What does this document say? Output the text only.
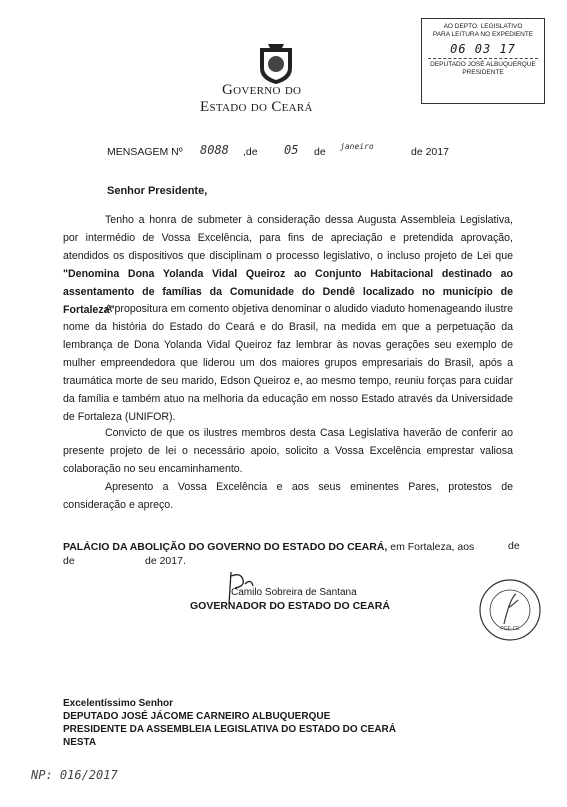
Governo do
Estado do Ceará
AO DEPTO. LEGISLATIVO
PARA LEITURA NO EXPEDIENTE
06 03 17
DEPUTADO JOSÉ ALBUQUERQUE
PRESIDENTE
MENSAGEM Nº 8088 ,de 05 de janeiro	de 2017
Senhor Presidente,
Tenho a honra de submeter à consideração dessa Augusta Assembleia Legislativa, por intermédio de Vossa Excelência, para fins de apreciação e pretendida aprovação, atendidos os dispositivos que disciplinam o processo legislativo, o incluso projeto de Lei que "Denomina Dona Yolanda Vidal Queiroz ao Conjunto Habitacional destinado ao assentamento de famílias da Comunidade do Dendê localizado no município de Fortaleza"
A propositura em comento objetiva denominar o aludido viaduto homenageando ilustre nome da história do Estado do Ceará e do Brasil, na medida em que a perpetuação da lembrança de Dona Yolanda Vidal Queiroz faz lembrar às novas gerações seu exemplo de mulher empreendedora que liderou um dos maiores grupos empresariais do Brasil, após a traumática morte de seu marido, Edson Queiroz e, ao mesmo tempo, reuniu forças para cuidar da família e também atuo na melhoria da educação em nosso Estado através da Universidade de Fortaleza (UNIFOR).
Convicto de que os ilustres membros desta Casa Legislativa haverão de conferir ao presente projeto de lei o necessário apoio, solicito a Vossa Excelência emprestar valiosa colaboração no seu encaminhamento.
Apresento a Vossa Excelência e aos seus eminentes Pares, protestos de consideração e apreço.
PALÁCIO DA ABOLIÇÃO DO GOVERNO DO ESTADO DO CEARÁ, em Fortaleza, aos	de
de	de 2017.
Camilo Sobreira de Santana
GOVERNADOR DO ESTADO DO CEARÁ
PGE-CE
Excelentíssimo Senhor
DEPUTADO JOSÉ JÁCOME CARNEIRO ALBUQUERQUE
PRESIDENTE DA ASSEMBLEIA LEGISLATIVA DO ESTADO DO CEARÁ
NESTA
NP: 016/2017
